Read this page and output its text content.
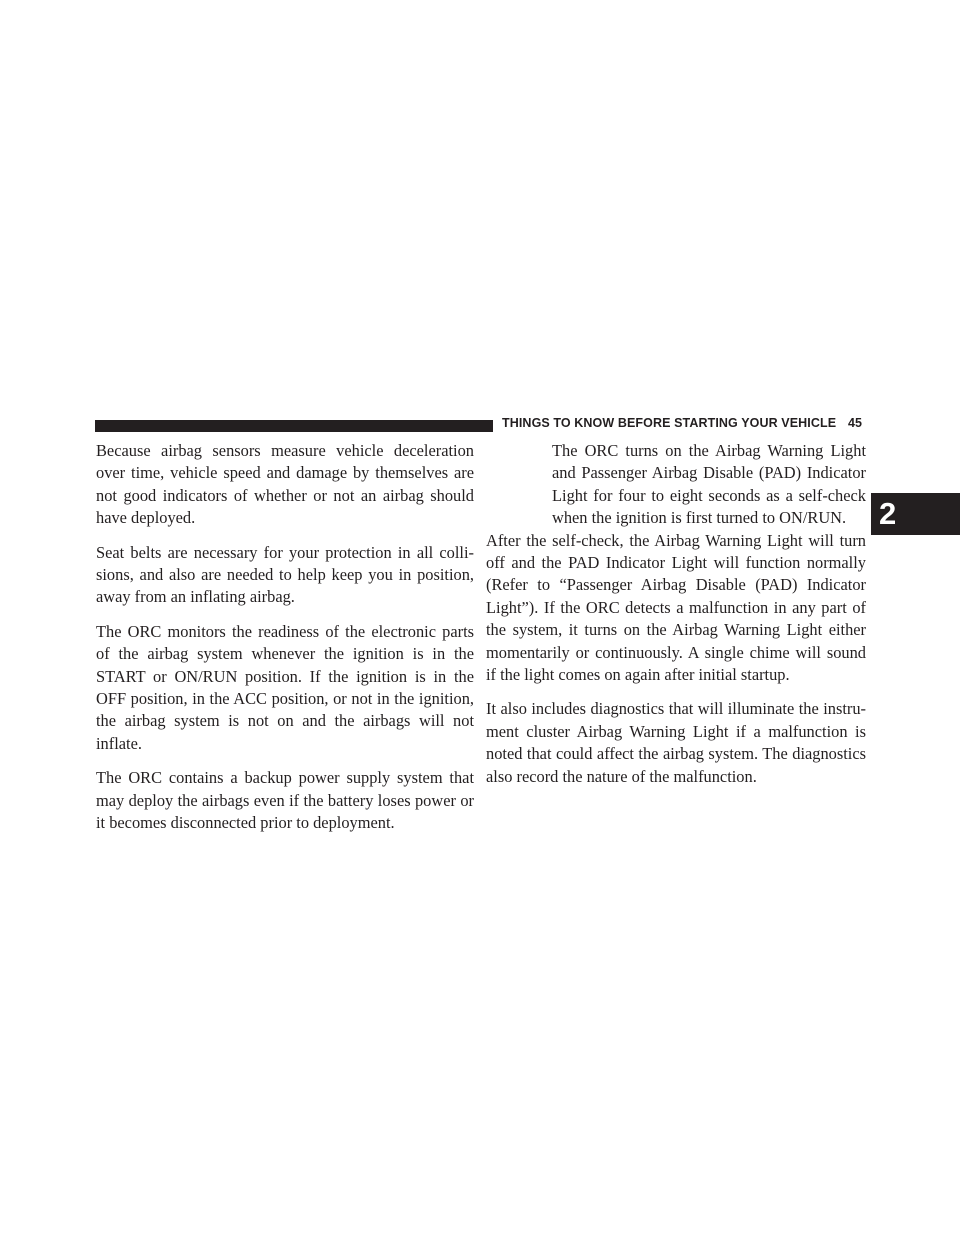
THINGS TO KNOW BEFORE STARTING YOUR VEHICLE 45
2

Because airbag sensors measure vehicle deceleration over time, vehicle speed and damage by themselves are not good indicators of whether or not an airbag should have deployed.

Seat belts are necessary for your protection in all colli-sions, and also are needed to help keep you in position, away from an inflating airbag.

The ORC monitors the readiness of the electronic parts of the airbag system whenever the ignition is in the START or ON/RUN position. If the ignition is in the OFF position, in the ACC position, or not in the ignition, the airbag system is not on and the airbags will not inflate.

The ORC contains a backup power supply system that may deploy the airbags even if the battery loses power or it becomes disconnected prior to deployment.

The ORC turns on the Airbag Warning Light and Passenger Airbag Disable (PAD) Indicator Light for four to eight seconds as a self-check when the ignition is first turned to ON/RUN.

After the self-check, the Airbag Warning Light will turn off and the PAD Indicator Light will function normally (Refer to “Passenger Airbag Disable (PAD) Indicator Light”). If the ORC detects a malfunction in any part of the system, it turns on the Airbag Warning Light either momentarily or continuously. A single chime will sound if the light comes on again after initial startup.

It also includes diagnostics that will illuminate the instru-ment cluster Airbag Warning Light if a malfunction is noted that could affect the airbag system. The diagnostics also record the nature of the malfunction.
